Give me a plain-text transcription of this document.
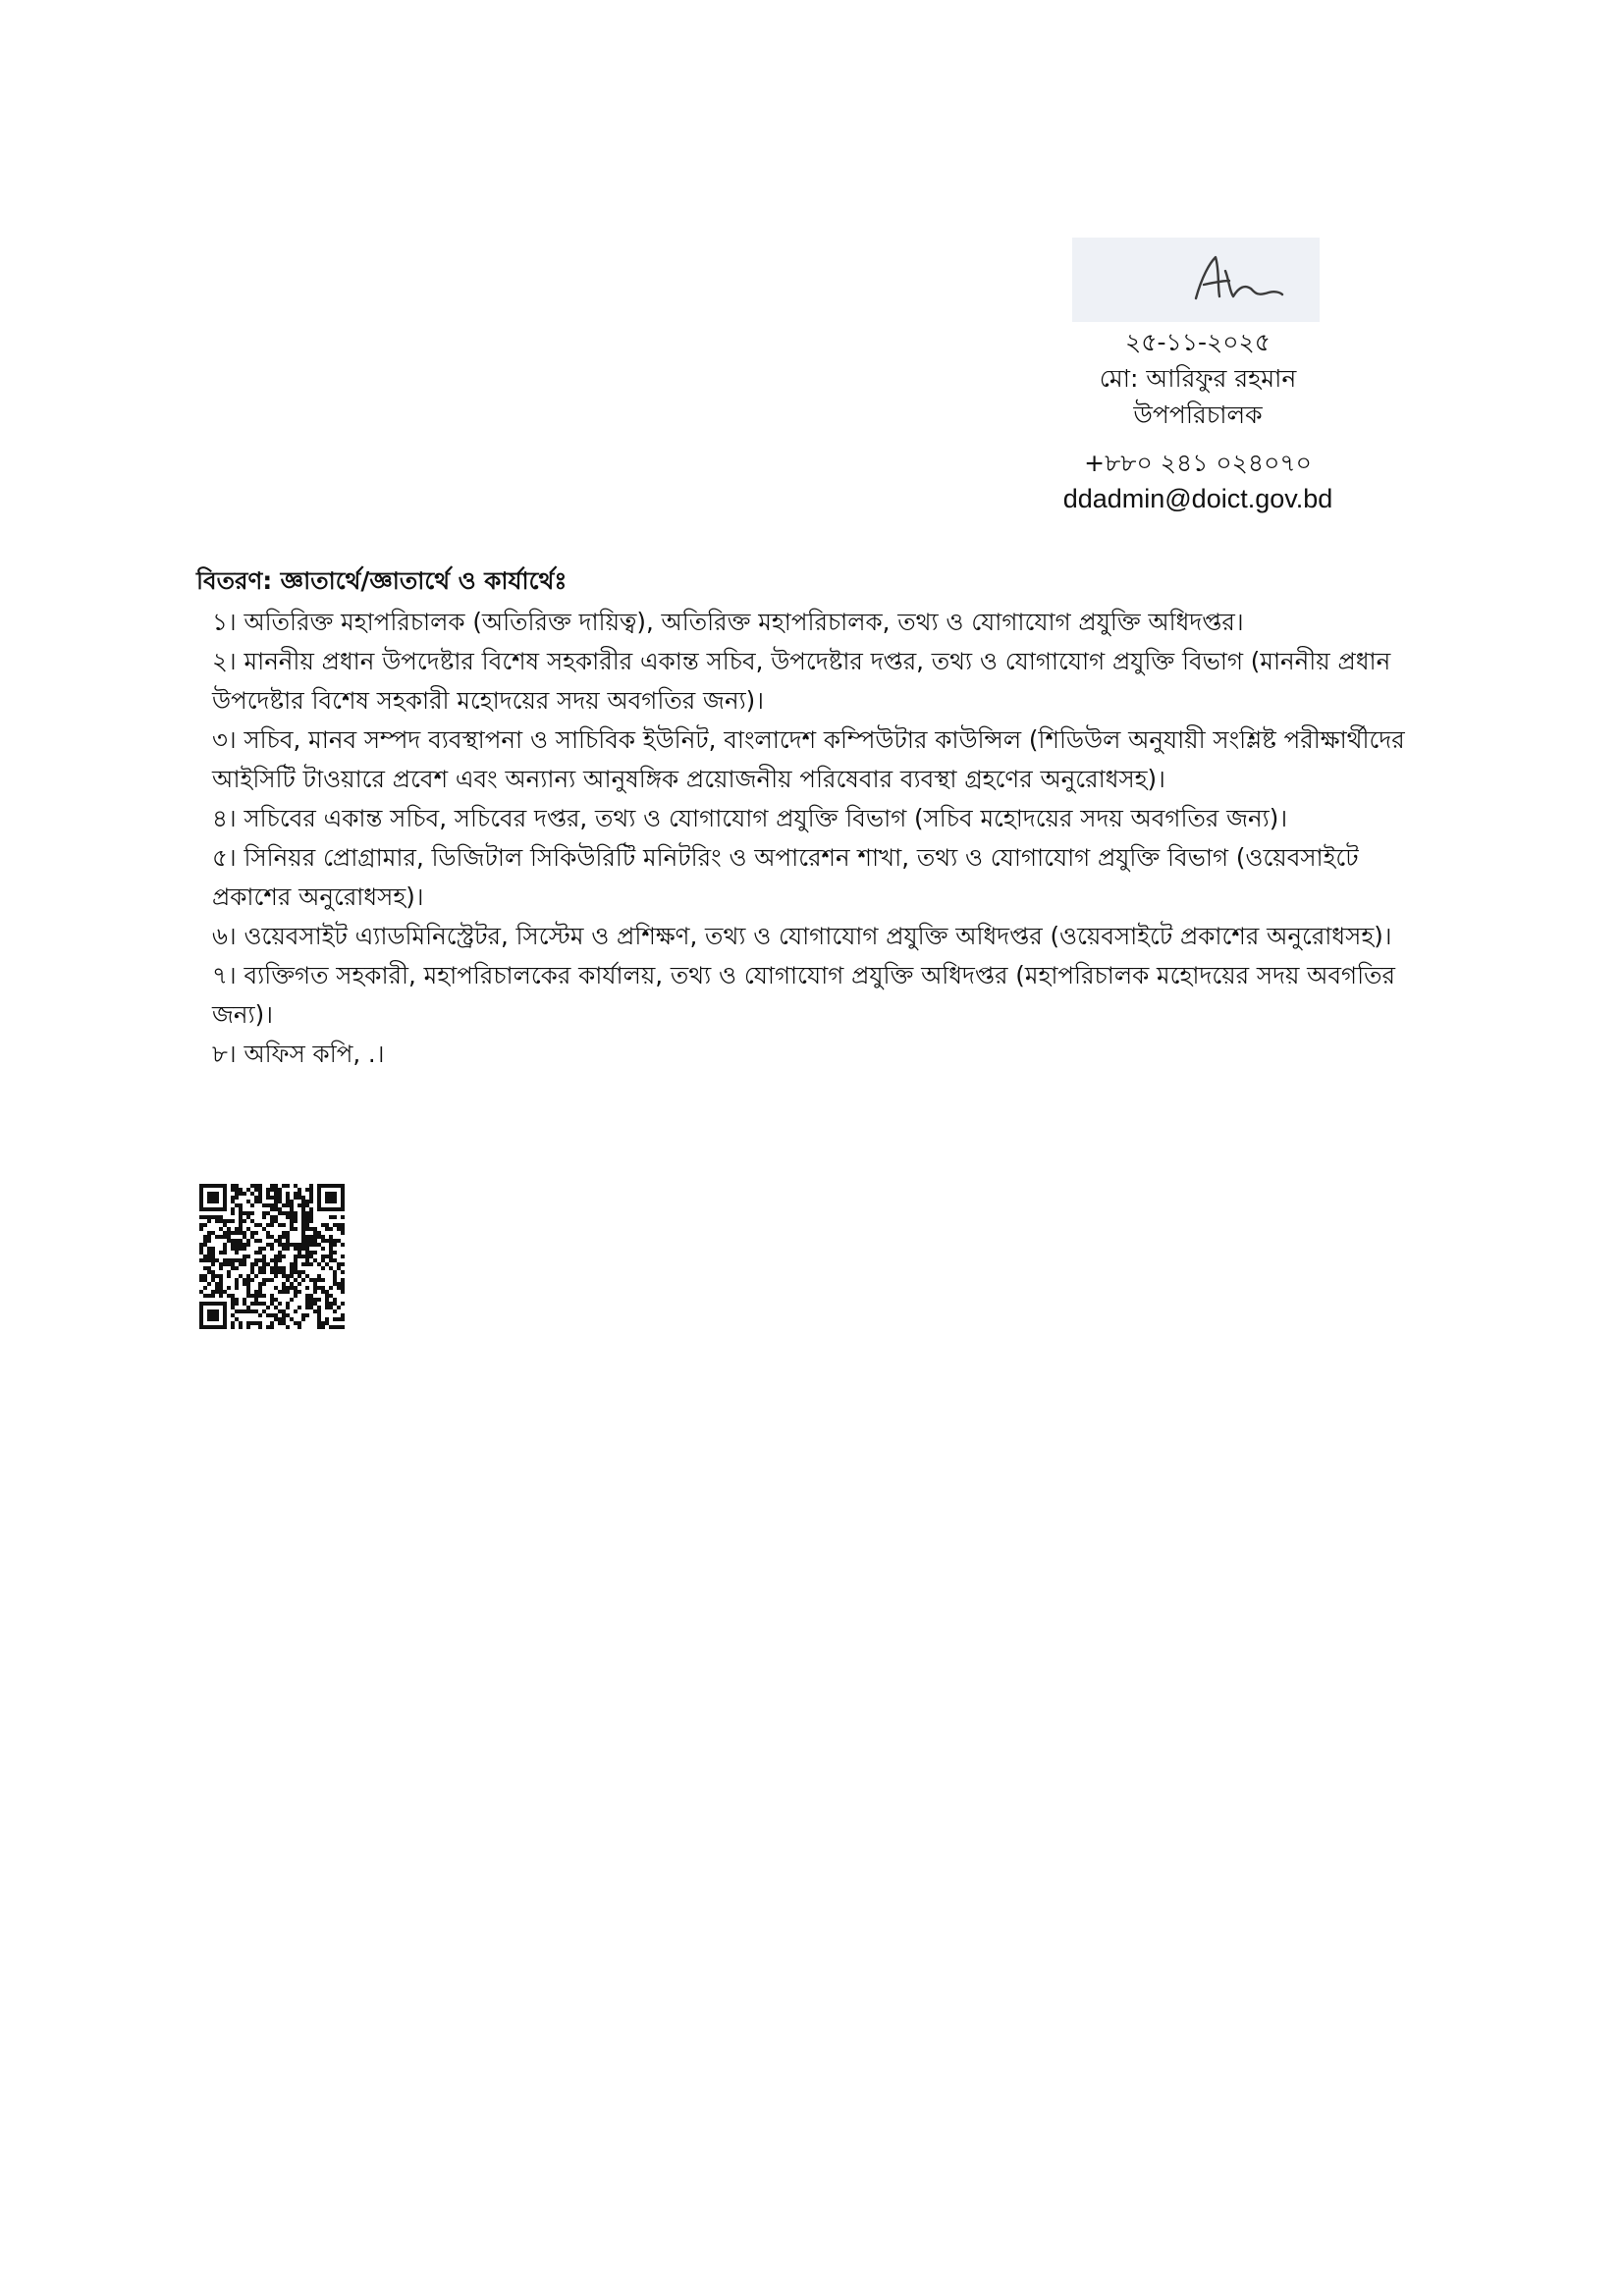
২৫-১১-২০২৫
মো: আরিফুর রহমান
উপপরিচালক
+৮৮০ ২৪১ ০২৪০৭০
ddadmin@doict.gov.bd
বিতরণ: জ্ঞাতার্থে/জ্ঞাতার্থে ও কার্যার্থেঃ
১। অতিরিক্ত মহাপরিচালক (অতিরিক্ত দায়িত্ব), অতিরিক্ত মহাপরিচালক, তথ্য ও যোগাযোগ প্রযুক্তি অধিদপ্তর।
২। মাননীয় প্রধান উপদেষ্টার বিশেষ সহকারীর একান্ত সচিব, উপদেষ্টার দপ্তর, তথ্য ও যোগাযোগ প্রযুক্তি বিভাগ (মাননীয় প্রধান উপদেষ্টার বিশেষ সহকারী মহোদয়ের সদয় অবগতির জন্য)।
৩। সচিব, মানব সম্পদ ব্যবস্থাপনা ও সাচিবিক ইউনিট, বাংলাদেশ কম্পিউটার কাউন্সিল (শিডিউল অনুযায়ী সংশ্লিষ্ট পরীক্ষার্থীদের আইসিটি টাওয়ারে প্রবেশ এবং অন্যান্য আনুষঙ্গিক প্রয়োজনীয় পরিষেবার ব্যবস্থা গ্রহণের অনুরোধসহ)।
৪। সচিবের একান্ত সচিব, সচিবের দপ্তর, তথ্য ও যোগাযোগ প্রযুক্তি বিভাগ (সচিব মহোদয়ের সদয় অবগতির জন্য)।
৫। সিনিয়র প্রোগ্রামার, ডিজিটাল সিকিউরিটি মনিটরিং ও অপারেশন শাখা, তথ্য ও যোগাযোগ প্রযুক্তি বিভাগ (ওয়েবসাইটে প্রকাশের অনুরোধসহ)।
৬। ওয়েবসাইট এ্যাডমিনিস্ট্রেটর, সিস্টেম ও প্রশিক্ষণ, তথ্য ও যোগাযোগ প্রযুক্তি অধিদপ্তর (ওয়েবসাইটে প্রকাশের অনুরোধসহ)।
৭। ব্যক্তিগত সহকারী, মহাপরিচালকের কার্যালয়, তথ্য ও যোগাযোগ প্রযুক্তি অধিদপ্তর (মহাপরিচালক মহোদয়ের সদয় অবগতির জন্য)।
৮। অফিস কপি, .।
